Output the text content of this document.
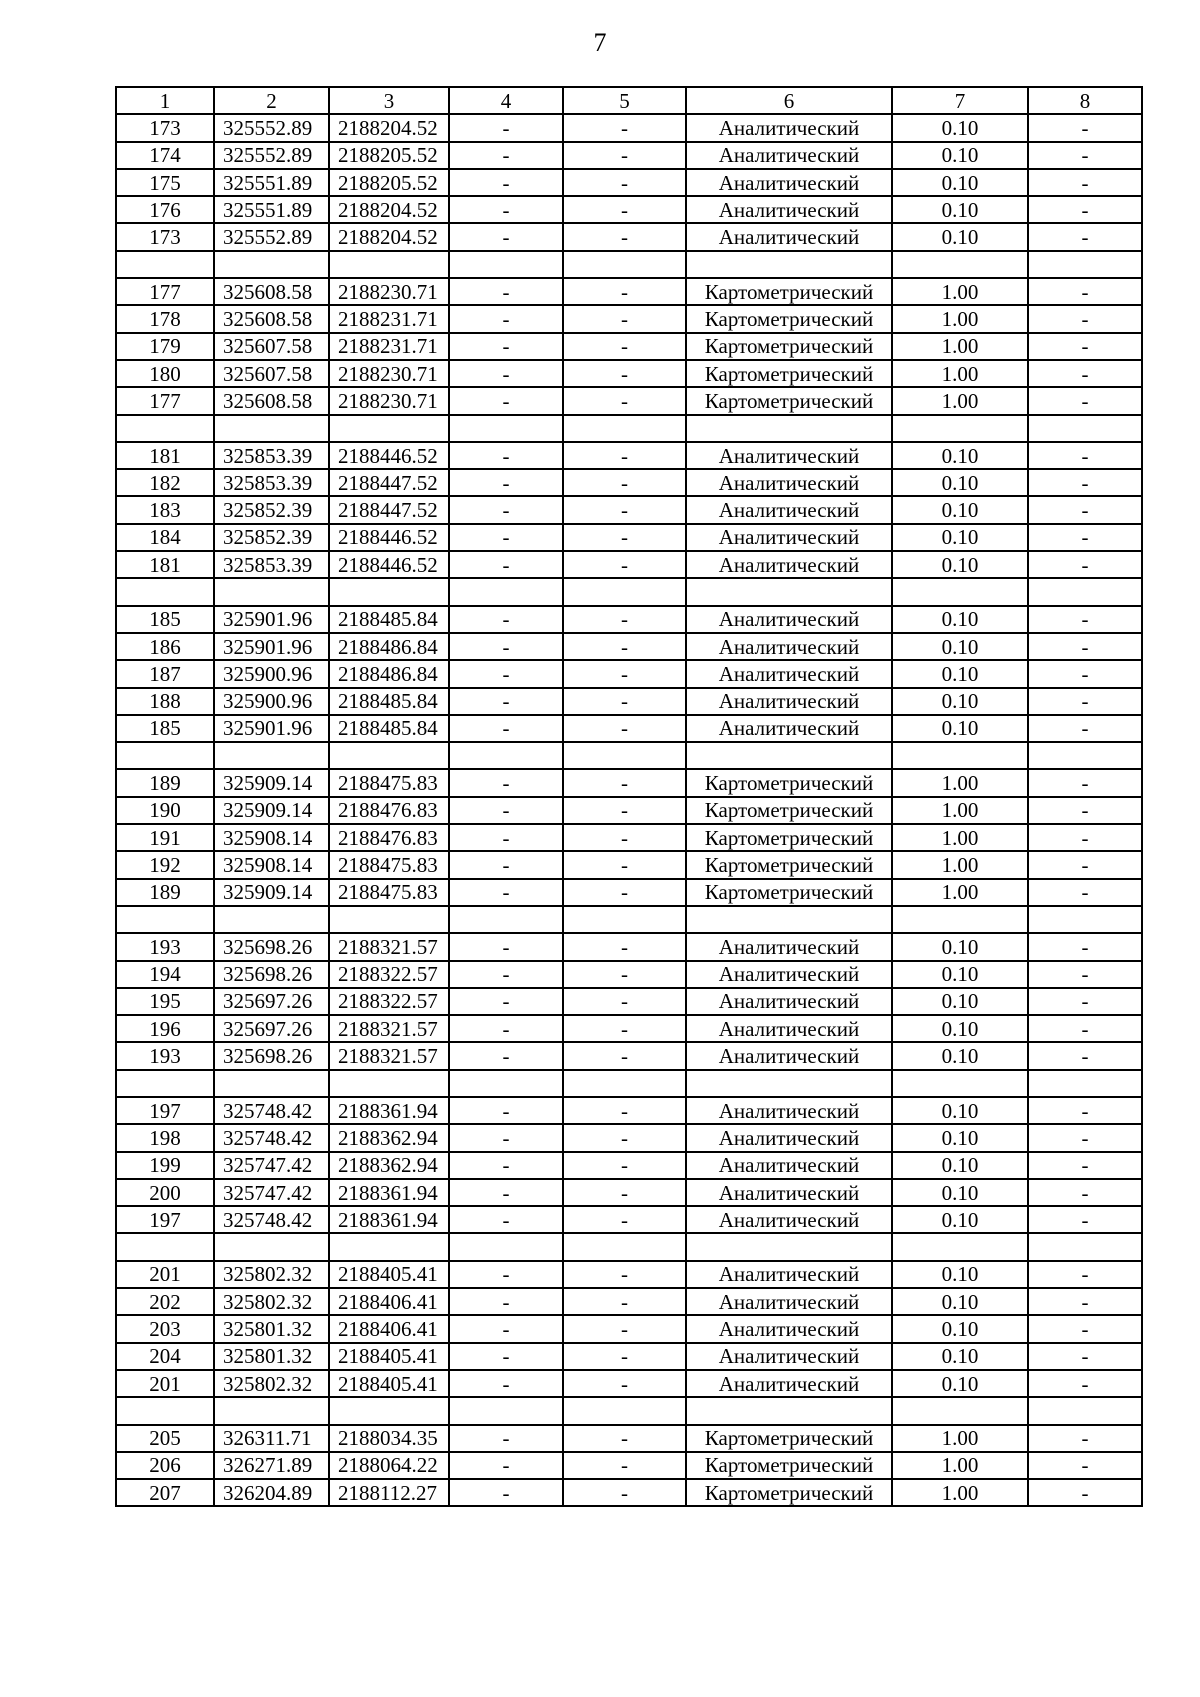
7
1	2	3	4	5	6	7	8
173	325552.89	2188204.52	-	-	Аналитический	0.10	-
174	325552.89	2188205.52	-	-	Аналитический	0.10	-
175	325551.89	2188205.52	-	-	Аналитический	0.10	-
176	325551.89	2188204.52	-	-	Аналитический	0.10	-
173	325552.89	2188204.52	-	-	Аналитический	0.10	-

177	325608.58	2188230.71	-	-	Картометрический	1.00	-
178	325608.58	2188231.71	-	-	Картометрический	1.00	-
179	325607.58	2188231.71	-	-	Картометрический	1.00	-
180	325607.58	2188230.71	-	-	Картометрический	1.00	-
177	325608.58	2188230.71	-	-	Картометрический	1.00	-

181	325853.39	2188446.52	-	-	Аналитический	0.10	-
182	325853.39	2188447.52	-	-	Аналитический	0.10	-
183	325852.39	2188447.52	-	-	Аналитический	0.10	-
184	325852.39	2188446.52	-	-	Аналитический	0.10	-
181	325853.39	2188446.52	-	-	Аналитический	0.10	-

185	325901.96	2188485.84	-	-	Аналитический	0.10	-
186	325901.96	2188486.84	-	-	Аналитический	0.10	-
187	325900.96	2188486.84	-	-	Аналитический	0.10	-
188	325900.96	2188485.84	-	-	Аналитический	0.10	-
185	325901.96	2188485.84	-	-	Аналитический	0.10	-

189	325909.14	2188475.83	-	-	Картометрический	1.00	-
190	325909.14	2188476.83	-	-	Картометрический	1.00	-
191	325908.14	2188476.83	-	-	Картометрический	1.00	-
192	325908.14	2188475.83	-	-	Картометрический	1.00	-
189	325909.14	2188475.83	-	-	Картометрический	1.00	-

193	325698.26	2188321.57	-	-	Аналитический	0.10	-
194	325698.26	2188322.57	-	-	Аналитический	0.10	-
195	325697.26	2188322.57	-	-	Аналитический	0.10	-
196	325697.26	2188321.57	-	-	Аналитический	0.10	-
193	325698.26	2188321.57	-	-	Аналитический	0.10	-

197	325748.42	2188361.94	-	-	Аналитический	0.10	-
198	325748.42	2188362.94	-	-	Аналитический	0.10	-
199	325747.42	2188362.94	-	-	Аналитический	0.10	-
200	325747.42	2188361.94	-	-	Аналитический	0.10	-
197	325748.42	2188361.94	-	-	Аналитический	0.10	-

201	325802.32	2188405.41	-	-	Аналитический	0.10	-
202	325802.32	2188406.41	-	-	Аналитический	0.10	-
203	325801.32	2188406.41	-	-	Аналитический	0.10	-
204	325801.32	2188405.41	-	-	Аналитический	0.10	-
201	325802.32	2188405.41	-	-	Аналитический	0.10	-

205	326311.71	2188034.35	-	-	Картометрический	1.00	-
206	326271.89	2188064.22	-	-	Картометрический	1.00	-
207	326204.89	2188112.27	-	-	Картометрический	1.00	-
